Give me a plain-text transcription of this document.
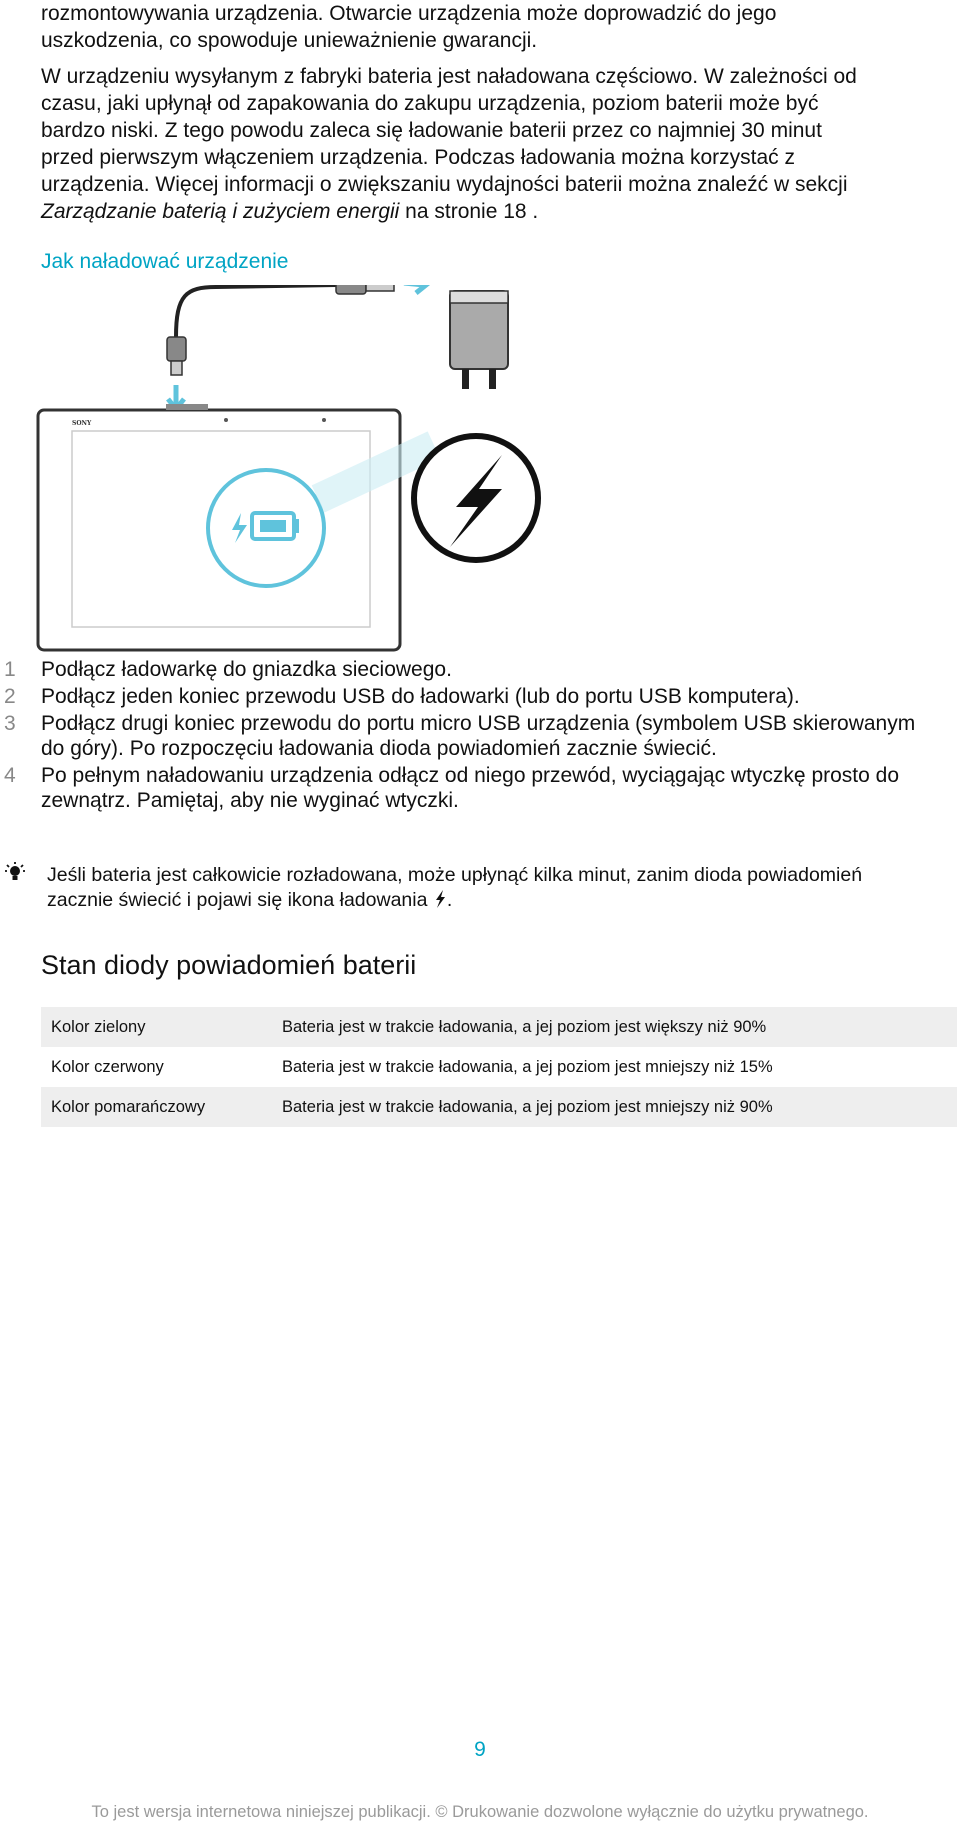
rozmontowywania urządzenia. Otwarcie urządzenia może doprowadzić do jego
uszkodzenia, co spowoduje unieważnienie gwarancji.

W urządzeniu wysyłanym z fabryki bateria jest naładowana częściowo. W zależności od
czasu, jaki upłynął od zapakowania do zakupu urządzenia, poziom baterii może być
bardzo niski. Z tego powodu zaleca się ładowanie baterii przez co najmniej 30 minut
przed pierwszym włączeniem urządzenia. Podczas ładowania można korzystać z
urządzenia. Więcej informacji o zwiększaniu wydajności baterii można znaleźć w sekcji
Zarządzanie baterią i zużyciem energii na stronie 18 .

Jak naładować urządzenie
SONY
1 Podłącz ładowarkę do gniazdka sieciowego.
2 Podłącz jeden koniec przewodu USB do ładowarki (lub do portu USB komputera).
3 Podłącz drugi koniec przewodu do portu micro USB urządzenia (symbolem USB skierowanym do góry). Po rozpoczęciu ładowania dioda powiadomień zacznie świecić.
4 Po pełnym naładowaniu urządzenia odłącz od niego przewód, wyciągając wtyczkę prosto do zewnątrz. Pamiętaj, aby nie wyginać wtyczki.
Jeśli bateria jest całkowicie rozładowana, może upłynąć kilka minut, zanim dioda powiadomień zacznie świecić i pojawi się ikona ładowania .
Stan diody powiadomień baterii
Kolor zielony	Bateria jest w trakcie ładowania, a jej poziom jest większy niż 90%
Kolor czerwony	Bateria jest w trakcie ładowania, a jej poziom jest mniejszy niż 15%
Kolor pomarańczowy	Bateria jest w trakcie ładowania, a jej poziom jest mniejszy niż 90%
9
To jest wersja internetowa niniejszej publikacji. © Drukowanie dozwolone wyłącznie do użytku prywatnego.
